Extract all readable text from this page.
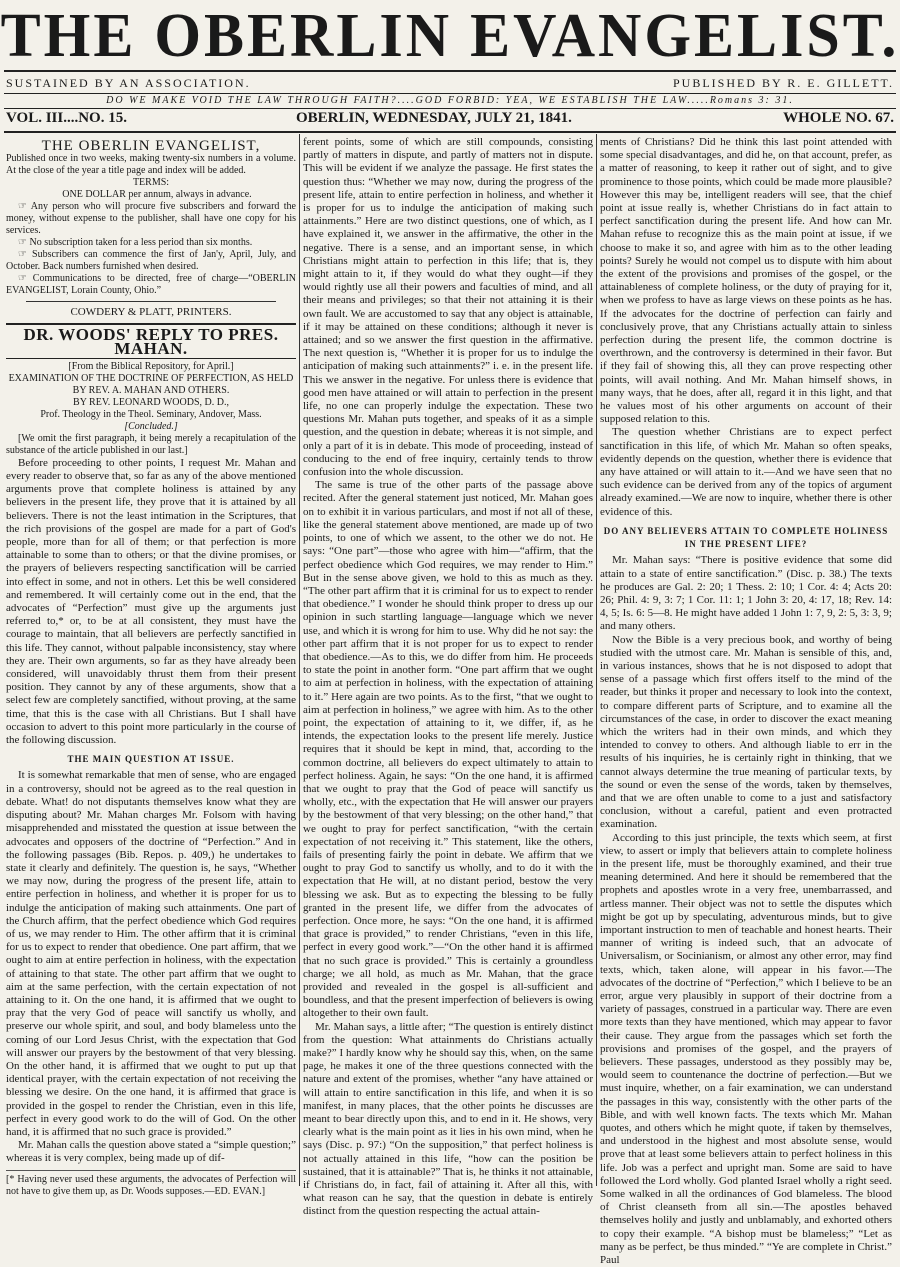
THE OBERLIN EVANGELIST.
SUSTAINED BY AN ASSOCIATION.	PUBLISHED BY R. E. GILLETT.
DO WE MAKE VOID THE LAW THROUGH FAITH?....GOD FORBID: YEA, WE ESTABLISH THE LAW.....Romans 3: 31.
VOL. III....NO. 15.	OBERLIN, WEDNESDAY, JULY 21, 1841.	WHOLE NO. 67.
THE OBERLIN EVANGELIST,

Published once in two weeks, making twenty-six numbers in a volume. At the close of the year a title page and index will be added.

TERMS:

ONE DOLLAR per annum, always in advance.

☞ Any person who will procure five subscribers and forward the money, without expense to the publisher, shall have one copy for his services.

☞ No subscription taken for a less period than six months.

☞ Subscribers can commence the first of Jan'y, April, July, and October. Back numbers furnished when desired.

☞ Communications to be directed, free of charge—“OBERLIN EVANGELIST, Lorain County, Ohio.”

COWDERY & PLATT, PRINTERS.
DR. WOODS' REPLY TO PRES. MAHAN.
[From the Biblical Repository, for April.]
EXAMINATION OF THE DOCTRINE OF PERFECTION, AS HELD BY REV. A. MAHAN AND OTHERS.
BY REV. LEONARD WOODS, D. D.,
Prof. Theology in the Theol. Seminary, Andover, Mass.
[Concluded.]

[We omit the first paragraph, it being merely a recapitulation of the substance of the article published in our last.]

Before proceeding to other points, I request Mr. Mahan and every reader to observe that, so far as any of the above mentioned arguments prove that complete holiness is attained by any believers in the present life, they prove that it is attained by all believers. There is not the least intimation in the Scriptures, that the rich provisions of the gospel are made for a part of God's people, more than for all of them; or that perfection is more attainable to some than to others; or that the divine promises, or the prayers of believers respecting sanctification will be carried into effect in some, and not in others. Let this be well considered and remembered. It will certainly come out in the end, that the advocates of “Perfection” must give up the arguments just referred to,* or, to be at all consistent, they must have the courage to maintain, that all believers are perfectly sanctified in this life. They cannot, without palpable inconsistency, stay where they are. Their own arguments, so far as they have already been considered, will unavoidably thrust them from their present position. They cannot by any of these arguments, show that a select few are completely sanctified, without proving, at the same time, that this is the case with all Christians. But I shall have occasion to advert to this point more particularly in the course of the following discussion.

THE MAIN QUESTION AT ISSUE.

It is somewhat remarkable that men of sense, who are engaged in a controversy, should not be agreed as to the real question in debate. What! do not disputants themselves know what they are disputing about? Mr. Mahan charges Mr. Folsom with having misapprehended and misstated the question at issue between the advocates and opposers of the doctrine of “Perfection.” And in the following passages (Bib. Repos. p. 409,) he undertakes to state it clearly and definitely. The question is, he says, “Whether we may now, during the progress of the present life, attain to entire perfection in holiness, and whether it is proper for us to indulge the anticipation of making such attainments. One part of the Church affirm, that the perfect obedience which God requires of us, we may render to Him. The other affirm that it is criminal for us to expect to render that obedience. One part affirm, that we ought to aim at entire perfection in holiness, with the expectation of attaining to that state. The other part affirm that we ought to aim at the same perfection, with the certain expectation of not attaining to it. On the one hand, it is affirmed that we ought to pray that the very God of peace will sanctify us wholly, and preserve our whole spirit, and soul, and body blameless unto the coming of our Lord Jesus Christ, with the expectation that God will answer our prayers by the bestowment of that very blessing. On the other hand, it is affirmed that we ought to put up that identical prayer, with the certain expectation of not receiving the blessing we desire. On the one hand, it is affirmed that grace is provided in the gospel to render the Christian, even in this life, perfect in every good work to do the will of God. On the other hand, it is affirmed that no such grace is provided.”

Mr. Mahan calls the question above stated a “simple question;” whereas it is very complex, being made up of dif-

[* Having never used these arguments, the advocates of Perfection will not have to give them up, as Dr. Woods supposes.—ED. EVAN.]

ferent points, some of which are still compounds, consisting partly of matters in dispute, and partly of matters not in dispute. This will be evident if we analyze the passage. He first states the question thus: “Whether we may now, during the progress of the present life, attain to entire perfection in holiness, and whether it is proper for us to indulge the anticipation of making such attainments.” Here are two distinct questions, one of which, as I have explained it, we answer in the affirmative, the other in the negative. There is a sense, and an important sense, in which Christians might attain to perfection in this life; that is, they might attain to it, if they would do what they ought—if they would rightly use all their powers and faculties of mind, and all their means and privileges; so that their not attaining it is their own fault. We are accustomed to say that any object is attainable, if it may be attained on these conditions; although it never is attained; and so we answer the first question in the affirmative. The next question is, “Whether it is proper for us to indulge the anticipation of making such attainments?” i. e. in the present life. This we answer in the negative. For unless there is evidence that good men have attained or will attain to perfection in the present life, no one can properly indulge the expectation. These two questions Mr. Mahan puts together, and speaks of it as a simple question, and the question in debate; whereas it is not simple, and only a part of it is in debate. This mode of proceeding, instead of conducing to the end of free inquiry, certainly tends to throw confusion into the whole discussion.

The same is true of the other parts of the passage above recited. After the general statement just noticed, Mr. Mahan goes on to exhibit it in various particulars, and most if not all of these, like the general statement above mentioned, are made up of two points, to one of which we assent, to the other we do not. He says: “One part”—those who agree with him—“affirm, that the perfect obedience which God requires, we may render to Him.” But in the sense above given, we hold to this as much as they. “The other part affirm that it is criminal for us to expect to render that obedience.” I wonder he should think proper to dress up our opinion in such startling language—language which we never use, and which it is wrong for him to use. Why did he not say: the other part affirm that it is not proper for us to expect to render that obedience.—As to this, we do differ from him. He proceeds to state the point in another form. “One part affirm that we ought to aim at perfection in holiness, with the expectation of attaining to it.” Here again are two points. As to the first, “that we ought to aim at perfection in holiness,” we agree with him. As to the other point, the expectation of attaining to it, we differ, if, as he intends, the expectation looks to the present life merely. Justice requires that it should be kept in mind, that, according to the common doctrine, all believers do expect ultimately to attain to perfect holiness. Again, he says: “On the one hand, it is affirmed that we ought to pray that the God of peace will sanctify us wholly, etc., with the expectation that He will answer our prayers by the bestowment of that very blessing; on the other hand,” that we ought to pray for perfect sanctification, “with the certain expectation of not receiving it.” This statement, like the others, fails of presenting fairly the point in debate. We affirm that we ought to pray God to sanctify us wholly, and to do it with the expectation that He will, at no distant period, bestow the very blessing we ask. But as to expecting the blessing to be fully granted in the present life, we differ from the advocates of perfection. Once more, he says: “On the one hand, it is affirmed that grace is provided,” to render Christians, “even in this life, perfect in every good work.”—“On the other hand it is affirmed that no such grace is provided.” This is certainly a groundless charge; we all hold, as much as Mr. Mahan, that the grace provided and revealed in the gospel is all-sufficient and boundless, and that the present imperfection of believers is owing altogether to their own fault.

Mr. Mahan says, a little after; “The question is entirely distinct from the question: What attainments do Christians actually make?” I hardly know why he should say this, when, on the same page, he makes it one of the three questions connected with the nature and extent of the promises, whether “any have attained or will attain to entire sanctification in this life, and when it is so manifest, in many places, that the other points he discusses are meant to bear directly upon this, and to end in it. He shows, very clearly what is the main point as it lies in his own mind, when he says (Disc. p. 97:) “On the supposition,” that perfect holiness is not actually attained in this life, “how can the position be sustained, that it is attainable?” That is, he thinks it not attainable, if Christians do, in fact, fail of attaining it. After all this, with what reason can he say, that the question in debate is entirely distinct from the question respecting the actual attain-

ments of Christians? Did he think this last point attended with some special disadvantages, and did he, on that account, prefer, as a matter of reasoning, to keep it rather out of sight, and to give prominence to those points, which could be made more plausible? However this may be, intelligent readers will see, that the chief point at issue really is, whether Christians do in fact attain to perfect sanctification during the present life. And how can Mr. Mahan refuse to recognize this as the main point at issue, if we choose to make it so, and agree with him as to the other leading points? Surely he would not compel us to dispute with him about the extent of the provisions and promises of the gospel, or the attainableness of complete holiness, or the duty of praying for it, when we profess to have as large views on these points as he has. If the advocates for the doctrine of perfection can fairly and conclusively prove, that any Christians actually attain to sinless perfection during the present life, the common doctrine is overthrown, and the controversy is determined in their favor. But if they fail of showing this, all they can prove respecting other points, will avail nothing. And Mr. Mahan himself shows, in many ways, that he does, after all, regard it in this light, and that he values most of his other arguments on account of their supposed relation to this.

The question whether Christians are to expect perfect sanctification in this life, of which Mr. Mahan so often speaks, evidently depends on the question, whether there is evidence that any have attained or will attain to it.—And we have seen that no such evidence can be derived from any of the topics of argument already examined.—We are now to inquire, whether there is other evidence of this.

DO ANY BELIEVERS ATTAIN TO COMPLETE HOLINESS IN THE PRESENT LIFE?

Mr. Mahan says: “There is positive evidence that some did attain to a state of entire sanctification.” (Disc. p. 38.) The texts he produces are Gal. 2: 20; 1 Thess. 2: 10; 1 Cor. 4: 4; Acts 20: 26; Phil. 4: 9, 3: 7; 1 Cor. 11: 1; 1 John 3: 20, 4: 17, 18; Rev. 14: 4, 5; Is. 6: 5—8. He might have added 1 John 1: 7, 9, 2: 5, 3: 3, 9; and many others.

Now the Bible is a very precious book, and worthy of being studied with the utmost care. Mr. Mahan is sensible of this, and, in various instances, shows that he is not disposed to adopt that sense of a passage which first offers itself to the mind of the reader, but thinks it proper and necessary to look into the context, to compare different parts of Scripture, and to examine all the circumstances of the case, in order to discover the exact meaning which the writers had in their own minds, and which they intended to convey to others. And although liable to err in the results of his inquiries, he is certainly right in thinking, that we cannot always determine the true meaning of particular texts, by the sound or even the sense of the words, taken by themselves, and that we are often unable to come to a just and satisfactory conclusion, without a careful, patient and even protracted examination.

According to this just principle, the texts which seem, at first view, to assert or imply that believers attain to complete holiness in the present life, must be thoroughly examined, and their true meaning determined. And here it should be remembered that the prophets and apostles wrote in a very free, unembarrassed, and artless manner. Their object was not to settle the disputes which might be got up by speculating, adventurous minds, but to give important instruction to men of teachable and honest hearts. Their manner of writing is indeed such, that an advocate of Universalism, or Socinianism, or almost any other error, may find texts, which, taken alone, will appear in his favor.—The advocates of the doctrine of “Perfection,” which I believe to be an error, argue very plausibly in support of their doctrine from a variety of passages, construed in a particular way. There are even more texts than they have mentioned, which may appear to favor their cause. They argue from the passages which set forth the provisions and promises of the gospel, and the prayers of believers. These passages, understood as they possibly may be, would seem to countenance the doctrine of perfection.—But we must inquire, whether, on a fair examination, we can understand the passages in this way, consistently with the other parts of the Bible, and with well known facts. The texts which Mr. Mahan quotes, and others which he might quote, if taken by themselves, and understood in the highest and most absolute sense, would prove that at least some believers attain to perfect holiness in this life. Job was a perfect and upright man. Some are said to have followed the Lord wholly. God planted Israel wholly a right seed. Some walked in all the ordinances of God blameless. The blood of Christ cleanseth from all sin.—The apostles behaved themselves holily and justly and unblamably, and exhorted others to copy their example. “A bishop must be blameless;” “Let as many as be perfect, be thus minded.” “Ye are complete in Christ.” Paul
